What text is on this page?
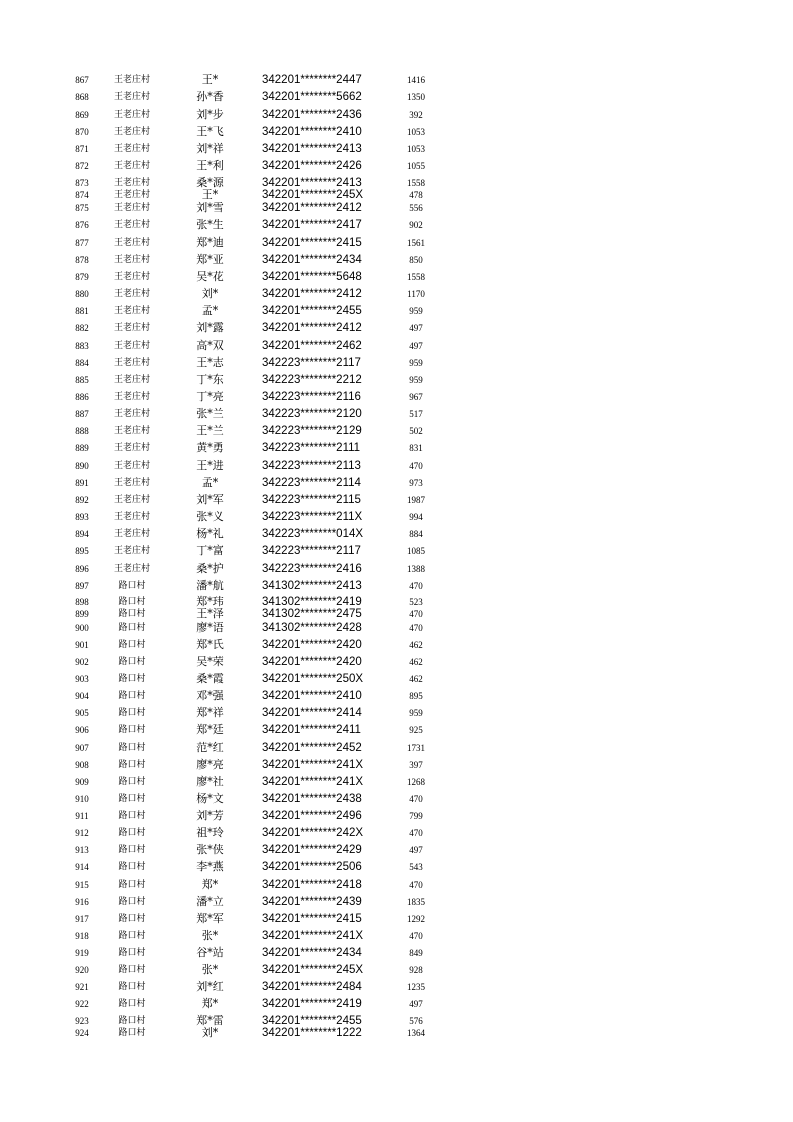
867	王老庄村	王*	342201********2447	1416
868	王老庄村	孙*香	342201********5662	1350
869	王老庄村	刘*步	342201********2436	392
870	王老庄村	王*飞	342201********2410	1053
871	王老庄村	刘*祥	342201********2413	1053
872	王老庄村	王*利	342201********2426	1055
873	王老庄村	桑*源	342201********2413	1558
874	王老庄村	王*	342201********245X	478
875	王老庄村	刘*雪	342201********2412	556
876	王老庄村	张*生	342201********2417	902
877	王老庄村	郑*迪	342201********2415	1561
878	王老庄村	郑*亚	342201********2434	850
879	王老庄村	吴*花	342201********5648	1558
880	王老庄村	刘*	342201********2412	1170
881	王老庄村	孟*	342201********2455	959
882	王老庄村	刘*露	342201********2412	497
883	王老庄村	高*双	342201********2462	497
884	王老庄村	王*志	342223********2117	959
885	王老庄村	丁*东	342223********2212	959
886	王老庄村	丁*亮	342223********2116	967
887	王老庄村	张*兰	342223********2120	517
888	王老庄村	王*兰	342223********2129	502
889	王老庄村	黄*勇	342223********2111	831
890	王老庄村	王*进	342223********2113	470
891	王老庄村	孟*	342223********2114	973
892	王老庄村	刘*军	342223********2115	1987
893	王老庄村	张*义	342223********211X	994
894	王老庄村	杨*礼	342223********014X	884
895	王老庄村	丁*富	342223********2117	1085
896	王老庄村	桑*护	342223********2416	1388
897	路口村	潘*航	341302********2413	470
898	路口村	郑*玮	341302********2419	523
899	路口村	王*泽	341302********2475	470
900	路口村	廖*语	341302********2428	470
901	路口村	郑*氏	342201********2420	462
902	路口村	吴*荣	342201********2420	462
903	路口村	桑*霞	342201********250X	462
904	路口村	邓*强	342201********2410	895
905	路口村	郑*祥	342201********2414	959
906	路口村	郑*廷	342201********2411	925
907	路口村	范*红	342201********2452	1731
908	路口村	廖*亮	342201********241X	397
909	路口村	廖*社	342201********241X	1268
910	路口村	杨*文	342201********2438	470
911	路口村	刘*芳	342201********2496	799
912	路口村	祖*玲	342201********242X	470
913	路口村	张*侠	342201********2429	497
914	路口村	李*燕	342201********2506	543
915	路口村	郑*	342201********2418	470
916	路口村	潘*立	342201********2439	1835
917	路口村	郑*军	342201********2415	1292
918	路口村	张*	342201********241X	470
919	路口村	谷*站	342201********2434	849
920	路口村	张*	342201********245X	928
921	路口村	刘*红	342201********2484	1235
922	路口村	郑*	342201********2419	497
923	路口村	郑*雷	342201********2455	576
924	路口村	刘*	342201********1222	1364
